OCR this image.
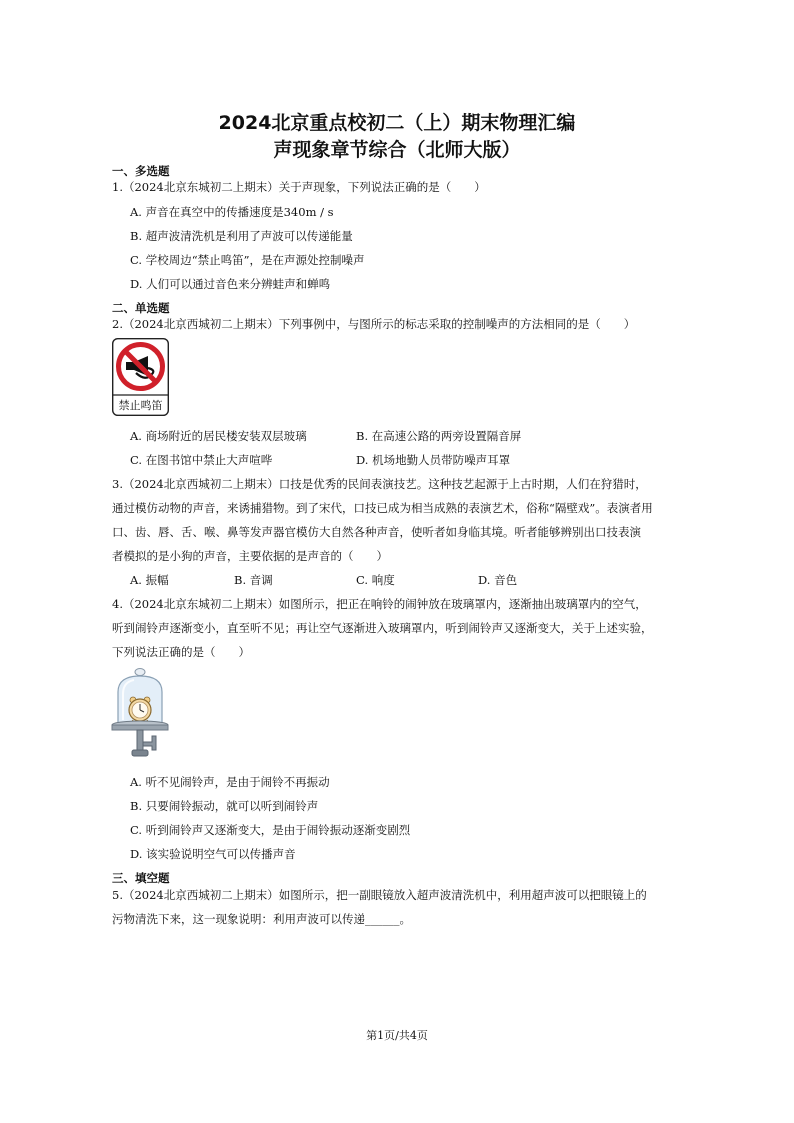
2024北京重点校初二（上）期末物理汇编
声现象章节综合（北师大版）
一、多选题
1.（2024北京东城初二上期末）关于声现象，下列说法正确的是（　　）
A. 声音在真空中的传播速度是340m / s
B. 超声波清洗机是利用了声波可以传递能量
C. 学校周边“禁止鸣笛”，是在声源处控制噪声
D. 人们可以通过音色来分辨蛙声和蝉鸣
二、单选题
2.（2024北京西城初二上期末）下列事例中，与图所示的标志采取的控制噪声的方法相同的是（　　）
禁止鸣笛
A. 商场附近的居民楼安装双层玻璃	B. 在高速公路的两旁设置隔音屏
C. 在图书馆中禁止大声喧哗	D. 机场地勤人员带防噪声耳罩
3.（2024北京西城初二上期末）口技是优秀的民间表演技艺。这种技艺起源于上古时期，人们在狩猎时，
通过模仿动物的声音，来诱捕猎物。到了宋代，口技已成为相当成熟的表演艺术，俗称“隔壁戏”。表演者用
口、齿、唇、舌、喉、鼻等发声器官模仿大自然各种声音，使听者如身临其境。听者能够辨别出口技表演
者模拟的是小狗的声音，主要依据的是声音的（　　）
A. 振幅	B. 音调	C. 响度	D. 音色
4.（2024北京东城初二上期末）如图所示，把正在响铃的闹钟放在玻璃罩内，逐渐抽出玻璃罩内的空气，
听到闹铃声逐渐变小，直至听不见；再让空气逐渐进入玻璃罩内，听到闹铃声又逐渐变大，关于上述实验，
下列说法正确的是（　　）
A. 听不见闹铃声，是由于闹铃不再振动
B. 只要闹铃振动，就可以听到闹铃声
C. 听到闹铃声又逐渐变大，是由于闹铃振动逐渐变剧烈
D. 该实验说明空气可以传播声音
三、填空题
5.（2024北京西城初二上期末）如图所示，把一副眼镜放入超声波清洗机中，利用超声波可以把眼镜上的
污物清洗下来，这一现象说明：利用声波可以传递______。
第1页/共4页
